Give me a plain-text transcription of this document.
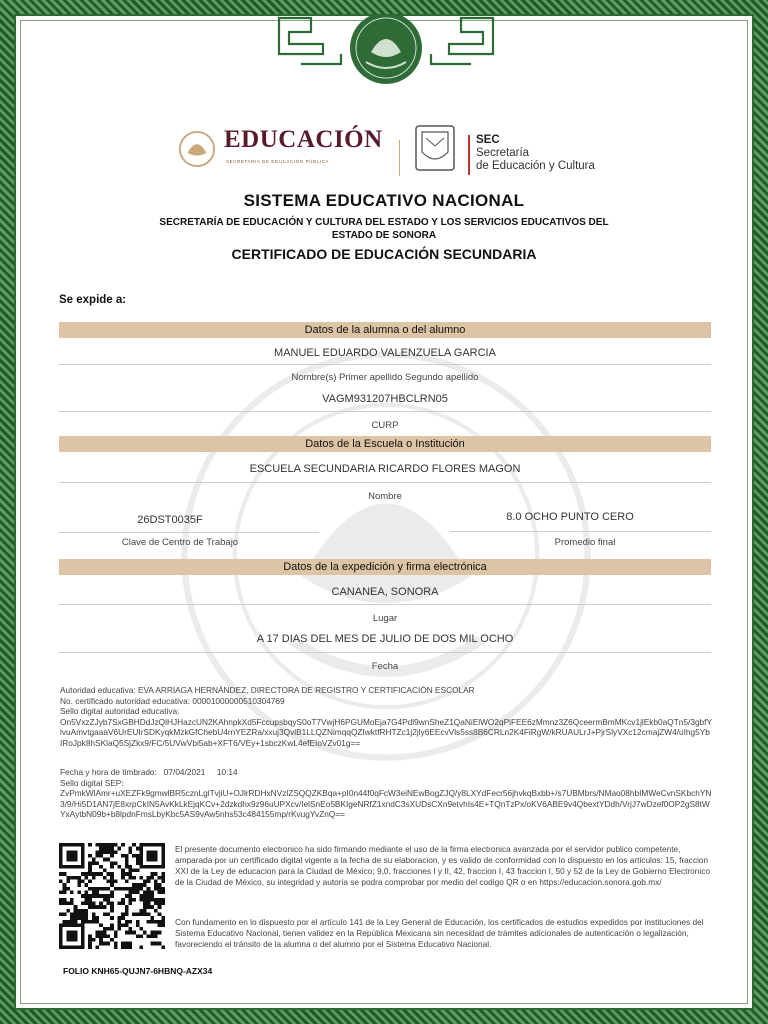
EDUCACIÓN
SECRETARÍA DE EDUCACIÓN PÚBLICA
SEC
Secretaría
de Educación y Cultura
SISTEMA EDUCATIVO NACIONAL
SECRETARÍA DE EDUCACIÓN Y CULTURA DEL ESTADO Y LOS SERVICIOS EDUCATIVOS DEL ESTADO DE SONORA
CERTIFICADO DE EDUCACIÓN SECUNDARIA
Se expide a:
Datos de la alumna o del alumno
MANUEL EDUARDO VALENZUELA GARCIA
Nombre(s) Primer apellido Segundo apellido
VAGM931207HBCLRN05
CURP
Datos de la Escuela o Institución
ESCUELA SECUNDARIA RICARDO FLORES MAGON
Nombre
26DST0035F
Clave de Centro de Trabajo
8.0 OCHO PUNTO CERO
Promedio final
Datos de la expedición y firma electrónica
CANANEA, SONORA
Lugar
A 17 DIAS DEL MES DE JULIO DE DOS MIL OCHO
Fecha
Autoridad educativa: EVA ARRIAGA HERNÁNDEZ, DIRECTORA DE REGISTRO Y CERTIFICACIÓN ESCOLAR
No. certificado autoridad educativa: 00001000000510304769
Sello digital autoridad educativa:
On5VxzZJyb7SxGBHDdJzQlHJHazcUN2KAhnpkXd5FccupsbqyS0oT7VwjH6PGUMoEja7G4Pdl9wnSheZ1QaNiElWO2qPlFEE6zMmnz3Z6QceermBmMKcv1jlEkb0aQTn5/3gbfYlvuAmvtgaaaV6UrEUIrSDKyqkMzkGfChebU4rnYEZRa/xxuj3QvlB1LLQZNimqqQZIwktfRHTZc1j2jly6EEcvVls5ss8B6CRLn2K4FiRgW/kRUAULrJ+PjrSlyVXc12cmajZW4/uIhg5YbIRoJpk8hSKlaQ5SjZkx9/FC/5UVwVbi5ab+XFT6/VEy+1sbczKwL4efEIoVZv01g==
Fecha y hora de timbrado: 07/04/2021 10:14
Sello digital SEP:
ZvPmkWlAmr+uXEZFk9gmwlBR5cznLglTvjiU+OJlrRDHxNVzlZSQQZKBqa+pI0n44f0qFcW3eiNEwBogZJQ/y8LXYdFecr56jhvkqBxbb+/s7UBMbrs/NMao08hbIMWeCvnSKbchYN3/9/Hi5D1AN7jE8xrpCkIN5AvKkLkEjqKCv+2dzkdhx9z96uUPXcv/IelSnEo5BKIgeNRfZ1xndC3sXUDsCXn9etvhIs4E+TQnTzPx/oKV6ABE9v4QbextYDdh/VrjJ7wDzef0OP2gS8tWYxAytbN09b+b8lpdnFmsLbyKbc5AS9vAw5nhs53c484155mp/rKvugYvZnQ==
El presente documento electronico ha sido firmando mediante el uso de la firma electronica avanzada por el servidor publico competente, amparada por un certificado digital vigente a la fecha de su elaboracion, y es valido de conformidad con lo dispuesto en los articulos: 15, fraccion XXI de la Ley de educacion para la Ciudad de México; 9,0, fracciones I y II, 42, fraccion I, 43 fraccion I, 50 y 52 de la Ley de Gobierno Electronico de la Ciudad de México, su integridad y autoria se podra comprobar por medio del codigo QR o en https://educacion.sonora.gob.mx/
Con fundamento en lo dispuesto por el artículo 141 de la Ley General de Educación, los certificados de estudios expedidos por instituciones del Sistema Educativo Nacional, tienen validez en la República Mexicana sin necesidad de trámites adicionales de autenticación o legalización, favoreciendo el tránsito de la alumna o del alumno por el Sistema Educativo Nacional.
FOLIO KNH65-QUJN7-6HBNQ-AZX34
